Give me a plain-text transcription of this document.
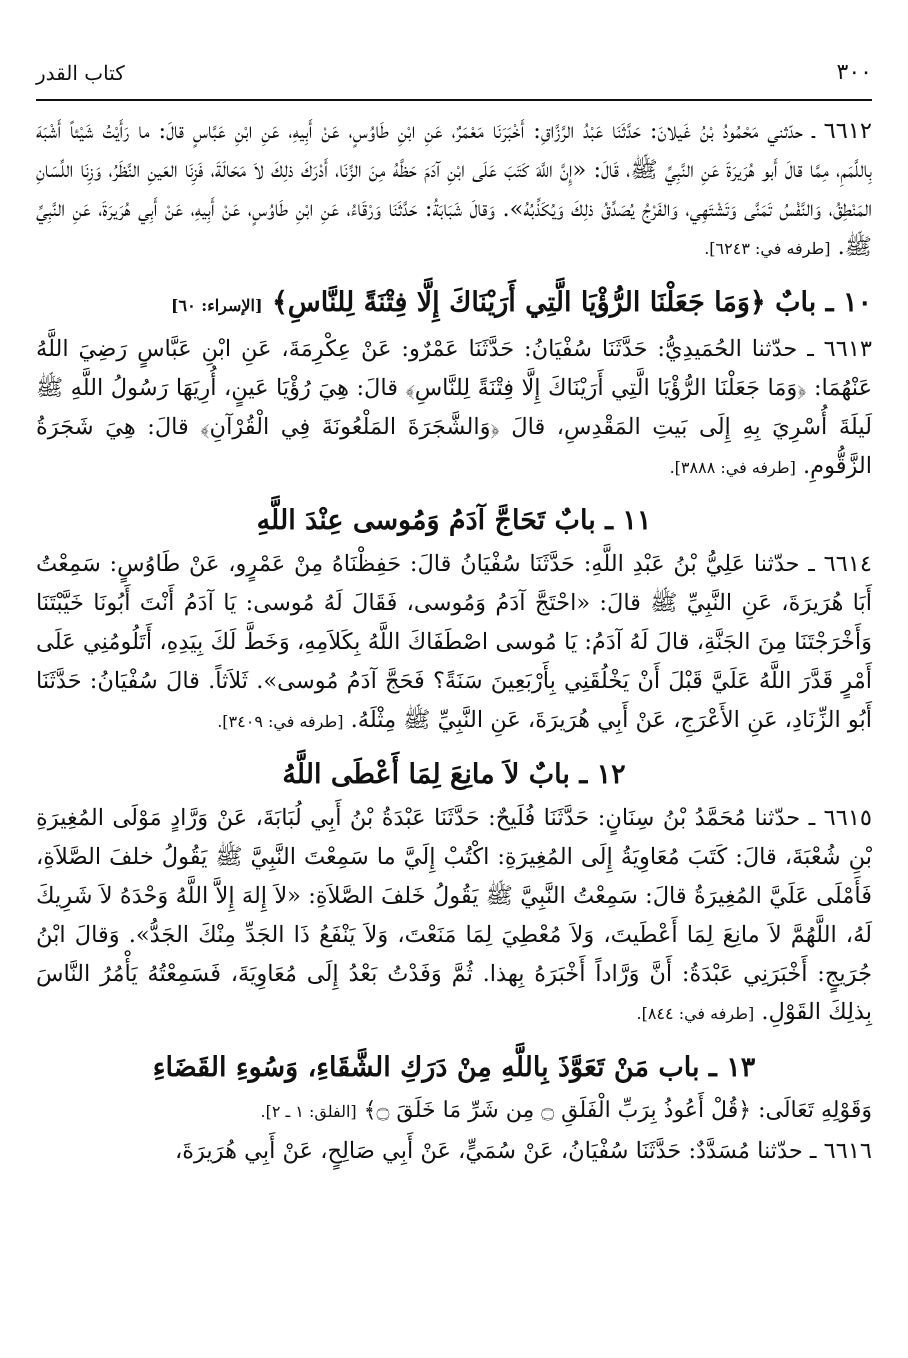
كتاب القدر	٣٠٠

٦٦١٢ ـ حدّثني مَحْمُودُ بْنُ غَيلانَ: حَدَّثَنَا عَبْدُ الرَّزَّاقِ: أَخْبَرَنَا مَعْمَرٌ، عَنِ ابْنِ طَاوُسٍ، عَنْ أَبِيهِ، عَنِ ابْنِ عَبَّاسٍ قالَ: ما رَأَيْتُ شَيْئاً أَشْبَهَ بِاللَّمَمِ، مِمَّا قالَ أَبو هُرَيرَةَ عَنِ النَّبِيِّ ﷺ، قَالَ: «إِنَّ اللَّهَ كَتَبَ عَلَى ابْنِ آدَمَ حَظَّهُ مِنَ الزِّنَا، أَدْرَكَ ذلِكَ لاَ مَحَالَةَ، فَزِنَا العَينِ النَّظَرُ، وَزِنَا اللِّسَانِ المَنْطِقُ، وَالنَّفْسُ تَمَنَّى وَتَشْتَهِي، وَالفَرْجُ يُصَدِّقُ ذلِكَ وَيُكَذِّبُهُ». وَقالَ شَبَابَةُ: حَدَّثَنَا وَرْقَاءُ، عَنِ ابْنِ طَاوُسٍ، عَنْ أَبِيهِ، عَنْ أَبِي هُرَيرَةَ، عَنِ النَّبِيِّ ﷺ. [طرفه في: ٦٢٤٣].

١٠ ـ بابٌ ﴿وَمَا جَعَلْنَا الرُّؤْيَا الَّتِي أَرَيْنَاكَ إِلَّا فِتْنَةً لِلنَّاسِ﴾ [الإسراء: ٦٠]

٦٦١٣ ـ حدّثنا الحُمَيدِيُّ: حَدَّثَنَا سُفْيَانُ: حَدَّثَنَا عَمْرٌو: عَنْ عِكْرِمَةَ، عَنِ ابْنِ عَبَّاسٍ رَضِيَ اللَّهُ عَنْهُمَا: ﴿وَمَا جَعَلْنَا الرُّؤْيَا الَّتِي أَرَيْنَاكَ إِلَّا فِتْنَةً لِلنَّاسِ﴾ قالَ: هِيَ رُؤْيَا عَينٍ، أُرِيَهَا رَسُولُ اللَّهِ ﷺ لَيلَةَ أُسْرِيَ بِهِ إِلَى بَيتِ المَقْدِسِ، قالَ ﴿وَالشَّجَرَةَ المَلْعُونَةَ فِي الْقُرْآنِ﴾ قالَ: هِيَ شَجَرَةُ الزَّقُّومِ. [طرفه في: ٣٨٨٨].

١١ ـ بابٌ تَحَاجَّ آدَمُ وَمُوسى عِنْدَ اللَّهِ

٦٦١٤ ـ حدّثنا عَلِيُّ بْنُ عَبْدِ اللَّهِ: حَدَّثَنَا سُفْيَانُ قالَ: حَفِظْنَاهُ مِنْ عَمْرٍو، عَنْ طَاوُسٍ: سَمِعْتُ أَبَا هُرَيرَةَ، عَنِ النَّبِيِّ ﷺ قالَ: «احْتَجَّ آدَمُ وَمُوسى، فَقَالَ لَهُ مُوسى: يَا آدَمُ أَنْتَ أَبُونَا خَيَّبْتَنَا وَأَخْرَجْتَنَا مِنَ الجَنَّةِ، قالَ لَهُ آدَمُ: يَا مُوسى اصْطَفَاكَ اللَّهُ بِكَلاَمِهِ، وَخَطَّ لَكَ بِيَدِهِ، أَتَلُومُنِي عَلَى أَمْرٍ قَدَّرَ اللَّهُ عَلَيَّ قَبْلَ أَنْ يَخْلُقَنِي بِأَرْبَعِينَ سَنَةً؟ فَحَجَّ آدَمُ مُوسى». ثَلاَثاً. قالَ سُفْيَانُ: حَدَّثَنَا أَبُو الزِّنَادِ، عَنِ الأَعْرَجِ، عَنْ أَبِي هُرَيرَةَ، عَنِ النَّبِيِّ ﷺ مِثْلَهُ. [طرفه في: ٣٤٠٩].

١٢ ـ بابٌ لاَ مانِعَ لِمَا أَعْطَى اللَّهُ

٦٦١٥ ـ حدّثنا مُحَمَّدُ بْنُ سِنَانٍ: حَدَّثَنَا فُلَيحٌ: حَدَّثَنَا عَبْدَةُ بْنُ أَبِي لُبَابَةَ، عَنْ وَرَّادٍ مَوْلَى المُغِيرَةِ بْنِ شُعْبَةَ، قالَ: كَتَبَ مُعَاوِيَةُ إِلَى المُغِيرَةِ: اكْتُبْ إِلَيَّ ما سَمِعْتَ النَّبِيَّ ﷺ يَقُولُ خلفَ الصَّلاَةِ، فَأَمْلَى عَلَيَّ المُغِيرَةُ قالَ: سَمِعْتُ النَّبِيَّ ﷺ يَقُولُ خَلفَ الصَّلاَةِ: «لاَ إِلهَ إِلاَّ اللَّهُ وَحْدَهُ لاَ شَرِيكَ لَهُ، اللَّهُمَّ لاَ مانِعَ لِمَا أَعْطَيتَ، وَلاَ مُعْطِيَ لِمَا مَنَعْتَ، وَلاَ يَنْفَعُ ذَا الجَدِّ مِنْكَ الجَدُّ». وَقالَ ابْنُ جُرَيجٍ: أَخْبَرَنِي عَبْدَةُ: أَنَّ وَرَّاداً أَخْبَرَهُ بِهذا. ثُمَّ وَفَدْتُ بَعْدُ إِلَى مُعَاوِيَةَ، فَسَمِعْتُهُ يَأْمُرُ النَّاسَ بِذلِكَ القَوْلِ. [طرفه في: ٨٤٤].

١٣ ـ باب مَنْ تَعَوَّذَ بِاللَّهِ مِنْ دَرَكِ الشَّقَاءِ، وَسُوءِ القَضَاءِ

وَقَوْلِهِ تَعَالَى: ﴿قُلْ أَعُوذُ بِرَبِّ الْفَلَقِ ۝ مِن شَرِّ مَا خَلَقَ ۝﴾ [الفلق: ١ ـ ٢].

٦٦١٦ ـ حدّثنا مُسَدَّدٌ: حَدَّثَنَا سُفْيَانُ، عَنْ سُمَيٍّ، عَنْ أَبِي صَالِحٍ، عَنْ أَبِي هُرَيرَةَ،
